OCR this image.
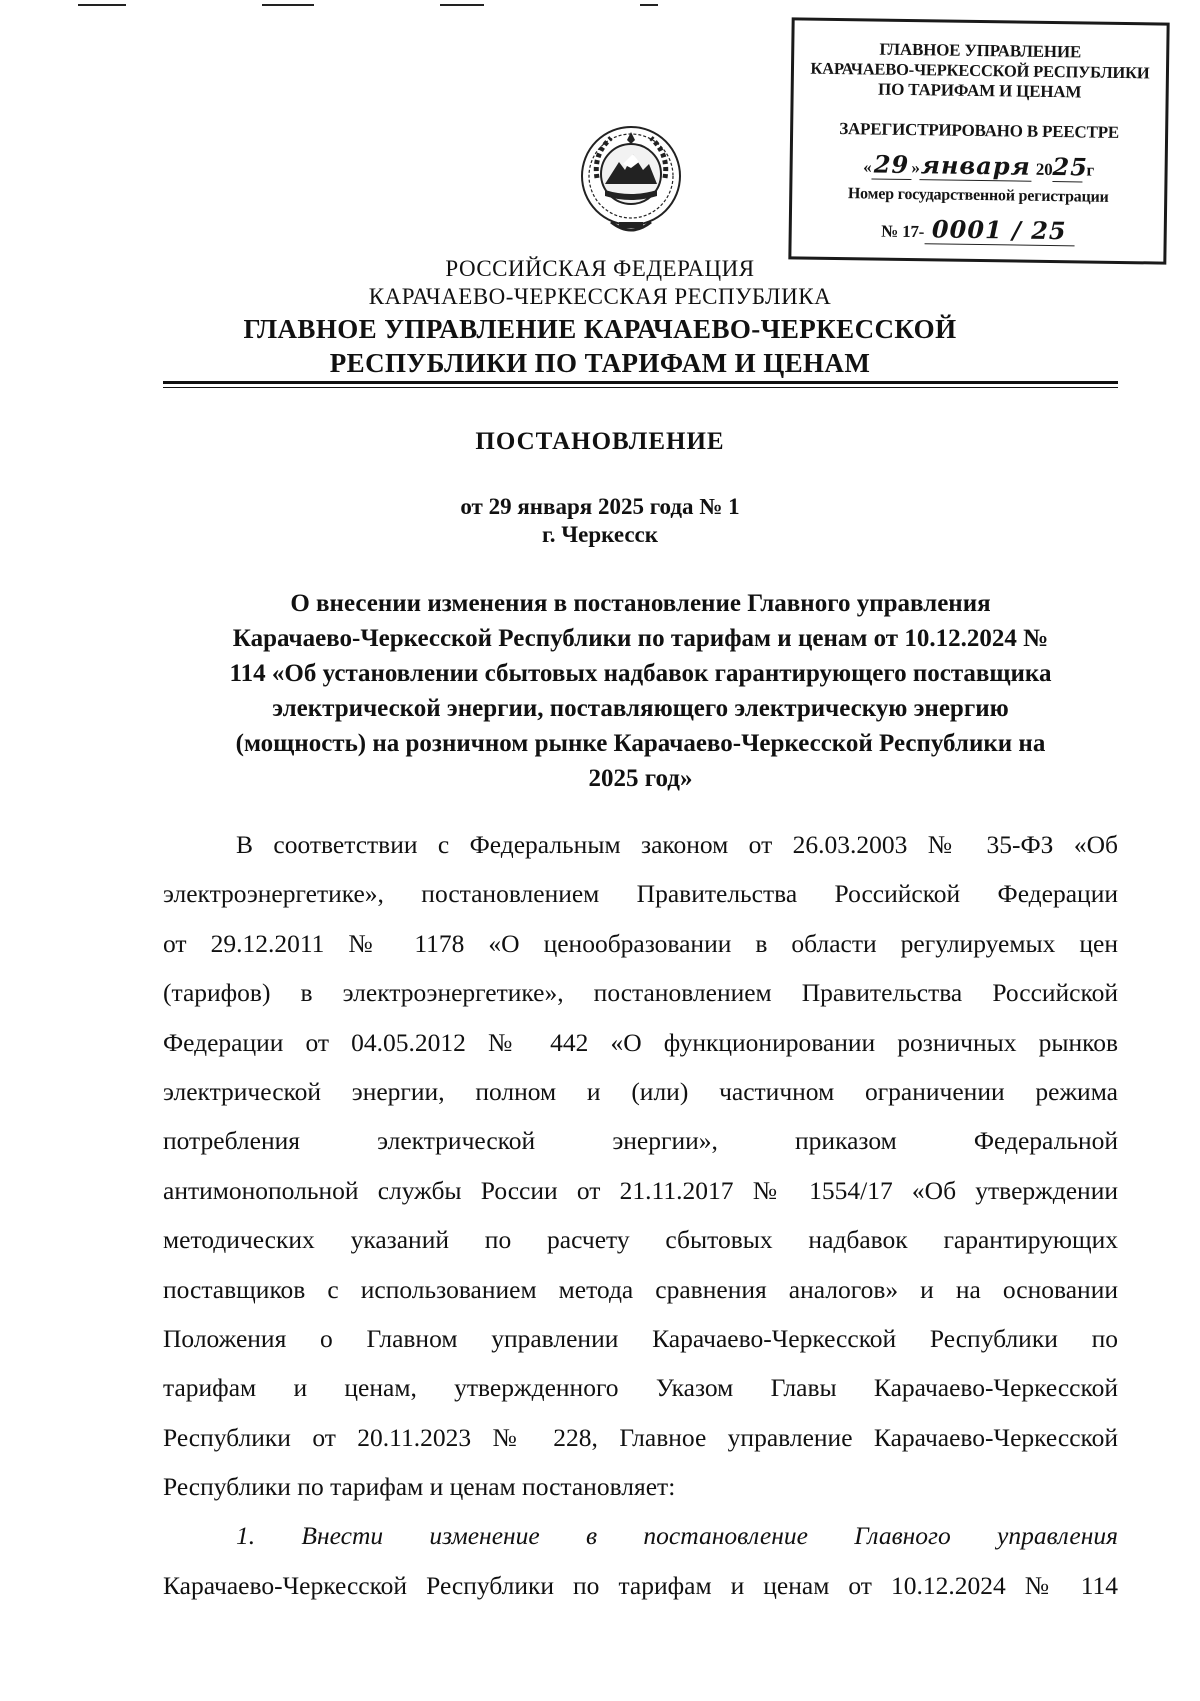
ГЛАВНОЕ УПРАВЛЕНИЕ
КАРАЧАЕВО-ЧЕРКЕССКОЙ РЕСПУБЛИКИ
ПО ТАРИФАМ И ЦЕНАМ
ЗАРЕГИСТРИРОВАНО В РЕЕСТРЕ
«29 »января 2025 г
Номер государственной регистрации
№ 17- 0001 / 25
РОССИЙСКАЯ ФЕДЕРАЦИЯ
КАРАЧАЕВО-ЧЕРКЕССКАЯ РЕСПУБЛИКА
ГЛАВНОЕ УПРАВЛЕНИЕ КАРАЧАЕВО-ЧЕРКЕССКОЙ
РЕСПУБЛИКИ ПО ТАРИФАМ И ЦЕНАМ
ПОСТАНОВЛЕНИЕ
от 29 января 2025 года № 1
г. Черкесск
О внесении изменения в постановление Главного управления
Карачаево-Черкесской Республики по тарифам и ценам от 10.12.2024 №
114 «Об установлении сбытовых надбавок гарантирующего поставщика
электрической энергии, поставляющего электрическую энергию
(мощность) на розничном рынке Карачаево-Черкесской Республики на
2025 год»
В соответствии с Федеральным законом от 26.03.2003 № 35-ФЗ «Об
электроэнергетике», постановлением Правительства Российской Федерации
от 29.12.2011 № 1178 «О ценообразовании в области регулируемых цен
(тарифов) в электроэнергетике», постановлением Правительства Российской
Федерации от 04.05.2012 № 442 «О функционировании розничных рынков
электрической энергии, полном и (или) частичном ограничении режима
потребления электрической энергии», приказом Федеральной
антимонопольной службы России от 21.11.2017 № 1554/17 «Об утверждении
методических указаний по расчету сбытовых надбавок гарантирующих
поставщиков с использованием метода сравнения аналогов» и на основании
Положения о Главном управлении Карачаево-Черкесской Республики по
тарифам и ценам, утвержденного Указом Главы Карачаево-Черкесской
Республики от 20.11.2023 № 228, Главное управление Карачаево-Черкесской
Республики по тарифам и ценам постановляет:
1. Внести изменение в постановление Главного управления
Карачаево-Черкесской Республики по тарифам и ценам от 10.12.2024 № 114
